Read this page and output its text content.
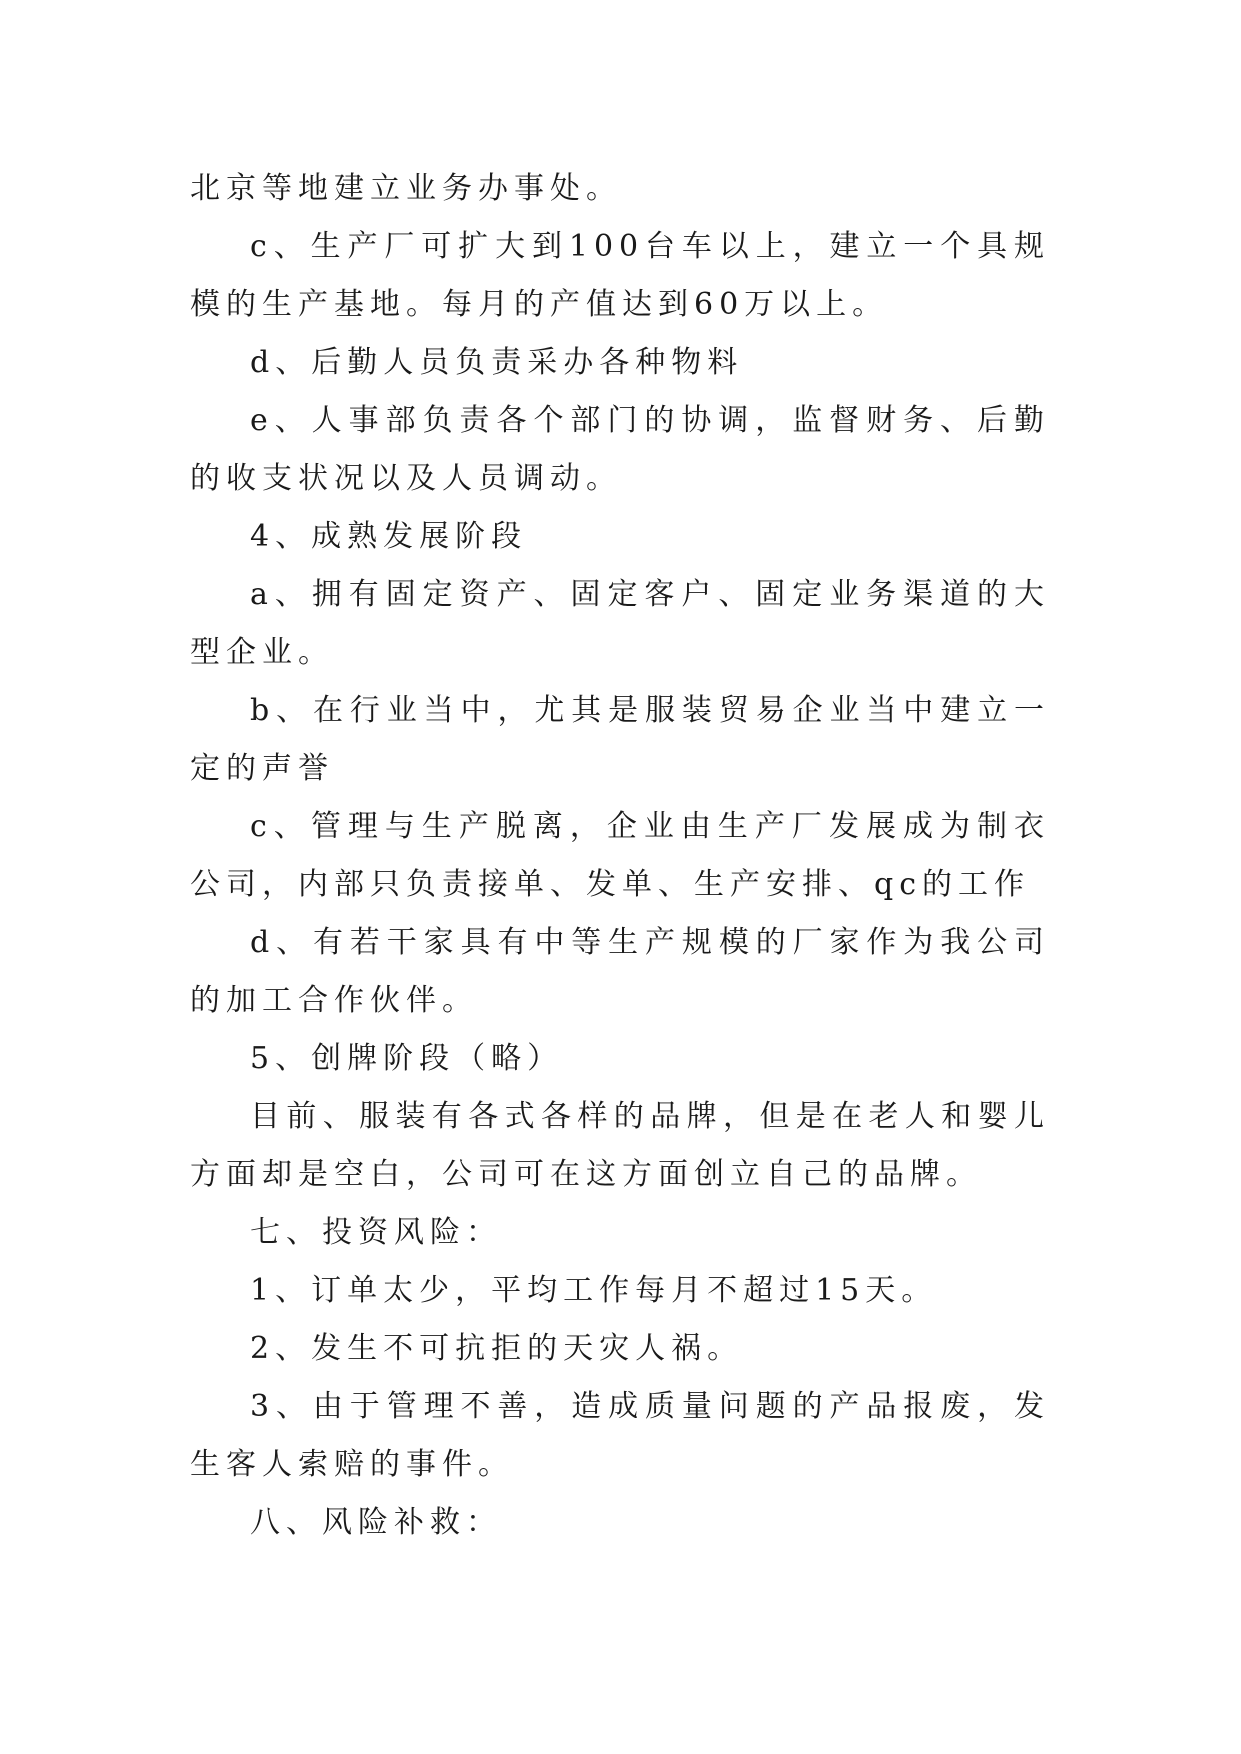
北京等地建立业务办事处。

c、生产厂可扩大到100台车以上，建立一个具规模的生产基地。每月的产值达到60万以上。

d、后勤人员负责采办各种物料

e、人事部负责各个部门的协调，监督财务、后勤的收支状况以及人员调动。

4、成熟发展阶段

a、拥有固定资产、固定客户、固定业务渠道的大型企业。

b、在行业当中，尤其是服装贸易企业当中建立一定的声誉

c、管理与生产脱离，企业由生产厂发展成为制衣公司，内部只负责接单、发单、生产安排、qc的工作

d、有若干家具有中等生产规模的厂家作为我公司的加工合作伙伴。

5、创牌阶段（略）

目前、服装有各式各样的品牌，但是在老人和婴儿方面却是空白，公司可在这方面创立自己的品牌。

七、投资风险：

1、订单太少，平均工作每月不超过15天。

2、发生不可抗拒的天灾人祸。

3、由于管理不善，造成质量问题的产品报废，发生客人索赔的事件。

八、风险补救：
